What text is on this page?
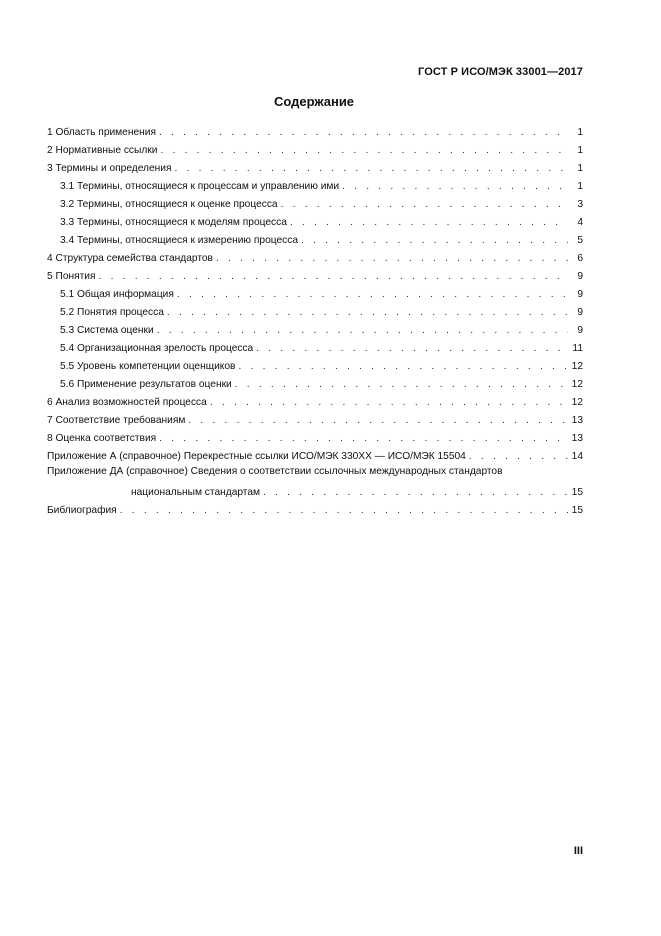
ГОСТ Р ИСО/МЭК 33001—2017
Содержание
1 Область применения . . .	1
2 Нормативные ссылки . . .	1
3 Термины и определения . . .	1
3.1 Термины, относящиеся к процессам и управлению ими . . .	1
3.2 Термины, относящиеся к оценке процесса . . .	3
3.3 Термины, относящиеся к моделям процесса . . .	4
3.4 Термины, относящиеся к измерению процесса . . .	5
4 Структура семейства стандартов . . .	6
5 Понятия . . .	9
5.1 Общая информация . . .	9
5.2 Понятия процесса . . .	9
5.3 Система оценки . . .	9
5.4 Организационная зрелость процесса . . .	11
5.5 Уровень компетенции оценщиков . . .	12
5.6 Применение результатов оценки . . .	12
6 Анализ возможностей процесса . . .	12
7 Соответствие требованиям . . .	13
8 Оценка соответствия . . .	13
Приложение А (справочное) Перекрестные ссылки ИСО/МЭК 330XX — ИСО/МЭК 15504 . . .	14
Приложение ДА (справочное) Сведения о соответствии ссылочных международных стандартов
национальным стандартам . . .	15
Библиография . . .	15
III
